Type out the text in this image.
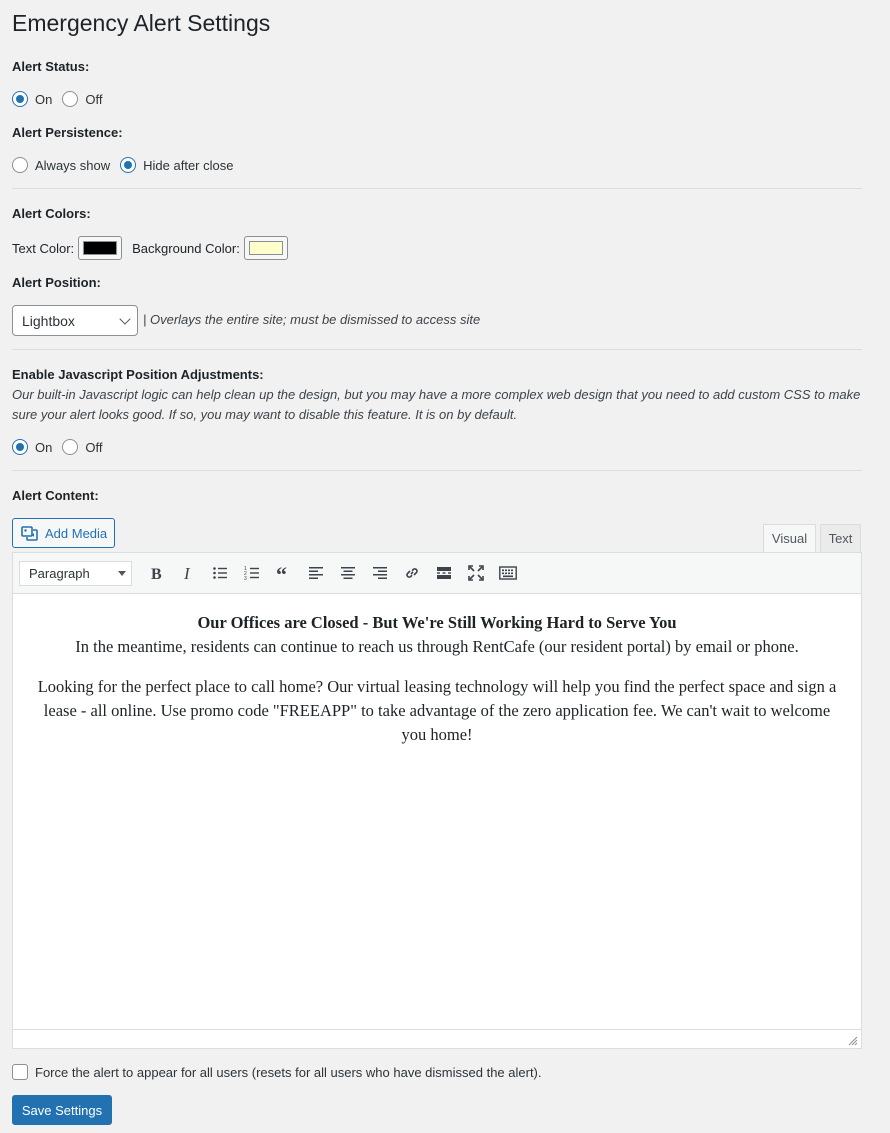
Emergency Alert Settings
Alert Status:
On	Off
Alert Persistence:
Always show	Hide after close
Alert Colors:
Text Color:	Background Color:
Alert Position:
Lightbox	| Overlays the entire site; must be dismissed to access site
Enable Javascript Position Adjustments:
Our built-in Javascript logic can help clean up the design, but you may have a more complex web design that you need to add custom CSS to make sure your alert looks good. If so, you may want to disable this feature. It is on by default.
On	Off
Alert Content:
Add Media	Visual	Text
Paragraph	B I	1
2
3 “
Our Offices are Closed - But We're Still Working Hard to Serve You
In the meantime, residents can continue to reach us through RentCafe (our resident portal) by email or phone.
Looking for the perfect place to call home? Our virtual leasing technology will help you find the perfect space and sign a lease - all online. Use promo code "FREEAPP" to take advantage of the zero application fee. We can't wait to welcome you home!
Force the alert to appear for all users (resets for all users who have dismissed the alert).
Save Settings
